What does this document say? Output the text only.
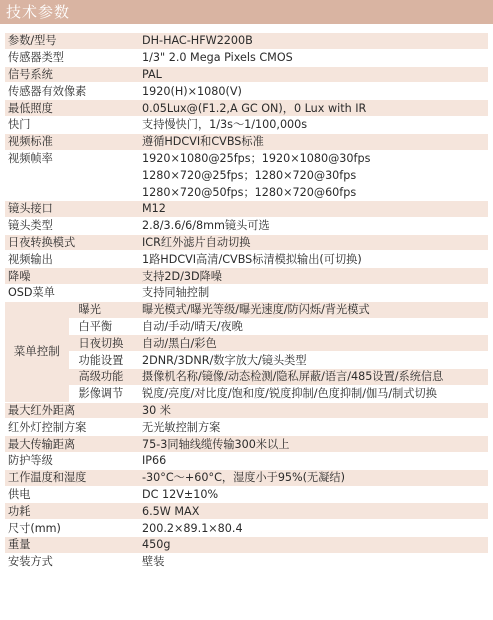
技术参数
参数/型号		DH-HAC-HFW2200B
传感器类型		1/3" 2.0 Mega Pixels CMOS
信号系统		PAL
传感器有效像素		1920(H)×1080(V)
最低照度		0.05Lux@(F1.2,A GC ON)，0 Lux with IR
快门		支持慢快门，1/3s～1/100,000s
视频标准		遵循HDCVI和CVBS标准
视频帧率		1920×1080@25fps；1920×1080@30fps
		1280×720@25fps；1280×720@30fps
		1280×720@50fps；1280×720@60fps
镜头接口		M12
镜头类型		2.8/3.6/6/8mm镜头可选
日夜转换模式		ICR红外滤片自动切换
视频输出		1路HDCVI高清/CVBS标清模拟输出(可切换)
降噪		支持2D/3D降噪
OSD菜单		支持同轴控制
菜单控制	曝光	曝光模式/曝光等级/曝光速度/防闪烁/背光模式
	白平衡	自动/手动/晴天/夜晚
	日夜切换	自动/黑白/彩色
	功能设置	2DNR/3DNR/数字放大/镜头类型
	高级功能	摄像机名称/镜像/动态检测/隐私屏蔽/语言/485设置/系统信息
	影像调节	锐度/亮度/对比度/饱和度/锐度抑制/色度抑制/伽马/制式切换
最大红外距离		30 米
红外灯控制方案		无光敏控制方案
最大传输距离		75-3同轴线缆传输300米以上
防护等级		IP66
工作温度和湿度		-30°C～+60°C，湿度小于95%(无凝结)
供电		DC 12V±10%
功耗		6.5W MAX
尺寸(mm)		200.2×89.1×80.4
重量		450g
安装方式		壁装
